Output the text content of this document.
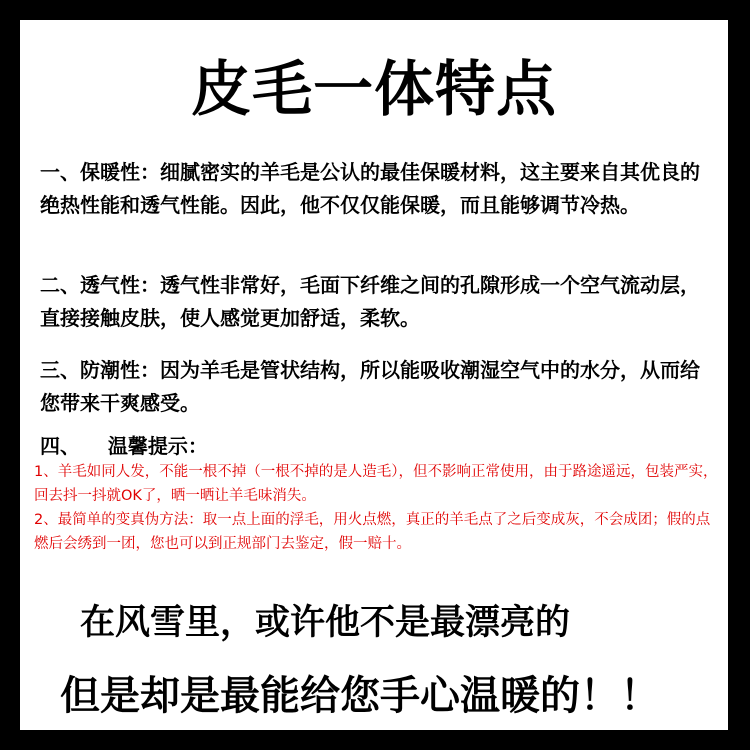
皮毛一体特点
一、保暖性：细腻密实的羊毛是公认的最佳保暖材料，这主要来自其优良的绝热性能和透气性能。因此，他不仅仅能保暖，而且能够调节冷热。
二、透气性：透气性非常好，毛面下纤维之间的孔隙形成一个空气流动层，直接接触皮肤，使人感觉更加舒适，柔软。
三、防潮性：因为羊毛是管状结构，所以能吸收潮湿空气中的水分，从而给您带来干爽感受。
四、    温馨提示：
1、羊毛如同人发，不能一根不掉（一根不掉的是人造毛），但不影响正常使用，由于路途遥远，包装严实，回去抖一抖就OK了，晒一晒让羊毛味消失。
2、最简单的变真伪方法：取一点上面的浮毛，用火点燃，真正的羊毛点了之后变成灰，不会成团；假的点燃后会绣到一团，您也可以到正规部门去鉴定，假一赔十。
在风雪里，或许他不是最漂亮的
但是却是最能给您手心温暖的！！
